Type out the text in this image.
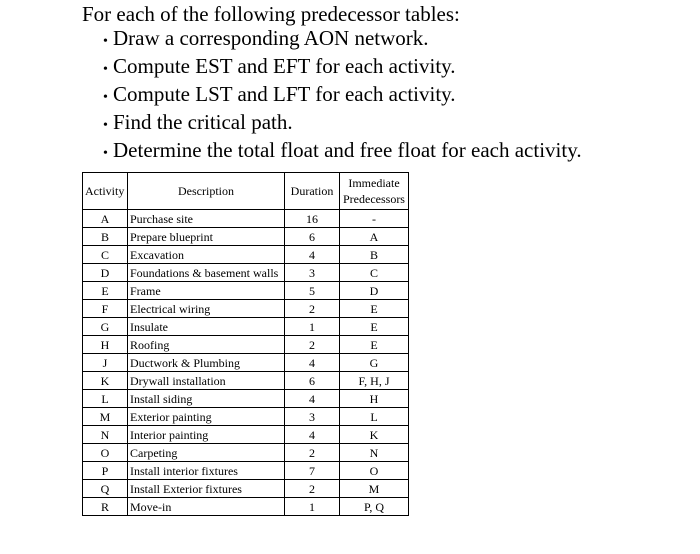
For each of the following predecessor tables:
• Draw a corresponding AON network.
• Compute EST and EFT for each activity.
• Compute LST and LFT for each activity.
• Find the critical path.
• Determine the total float and free float for each activity.
Activity	Description	Duration	Immediate
Predecessors
A	Purchase site	16	-
B	Prepare blueprint	6	A
C	Excavation	4	B
D	Foundations & basement walls	3	C
E	Frame	5	D
F	Electrical wiring	2	E
G	Insulate	1	E
H	Roofing	2	E
J	Ductwork & Plumbing	4	G
K	Drywall installation	6	F, H, J
L	Install siding	4	H
M	Exterior painting	3	L
N	Interior painting	4	K
O	Carpeting	2	N
P	Install interior fixtures	7	O
Q	Install Exterior fixtures	2	M
R	Move-in	1	P, Q
